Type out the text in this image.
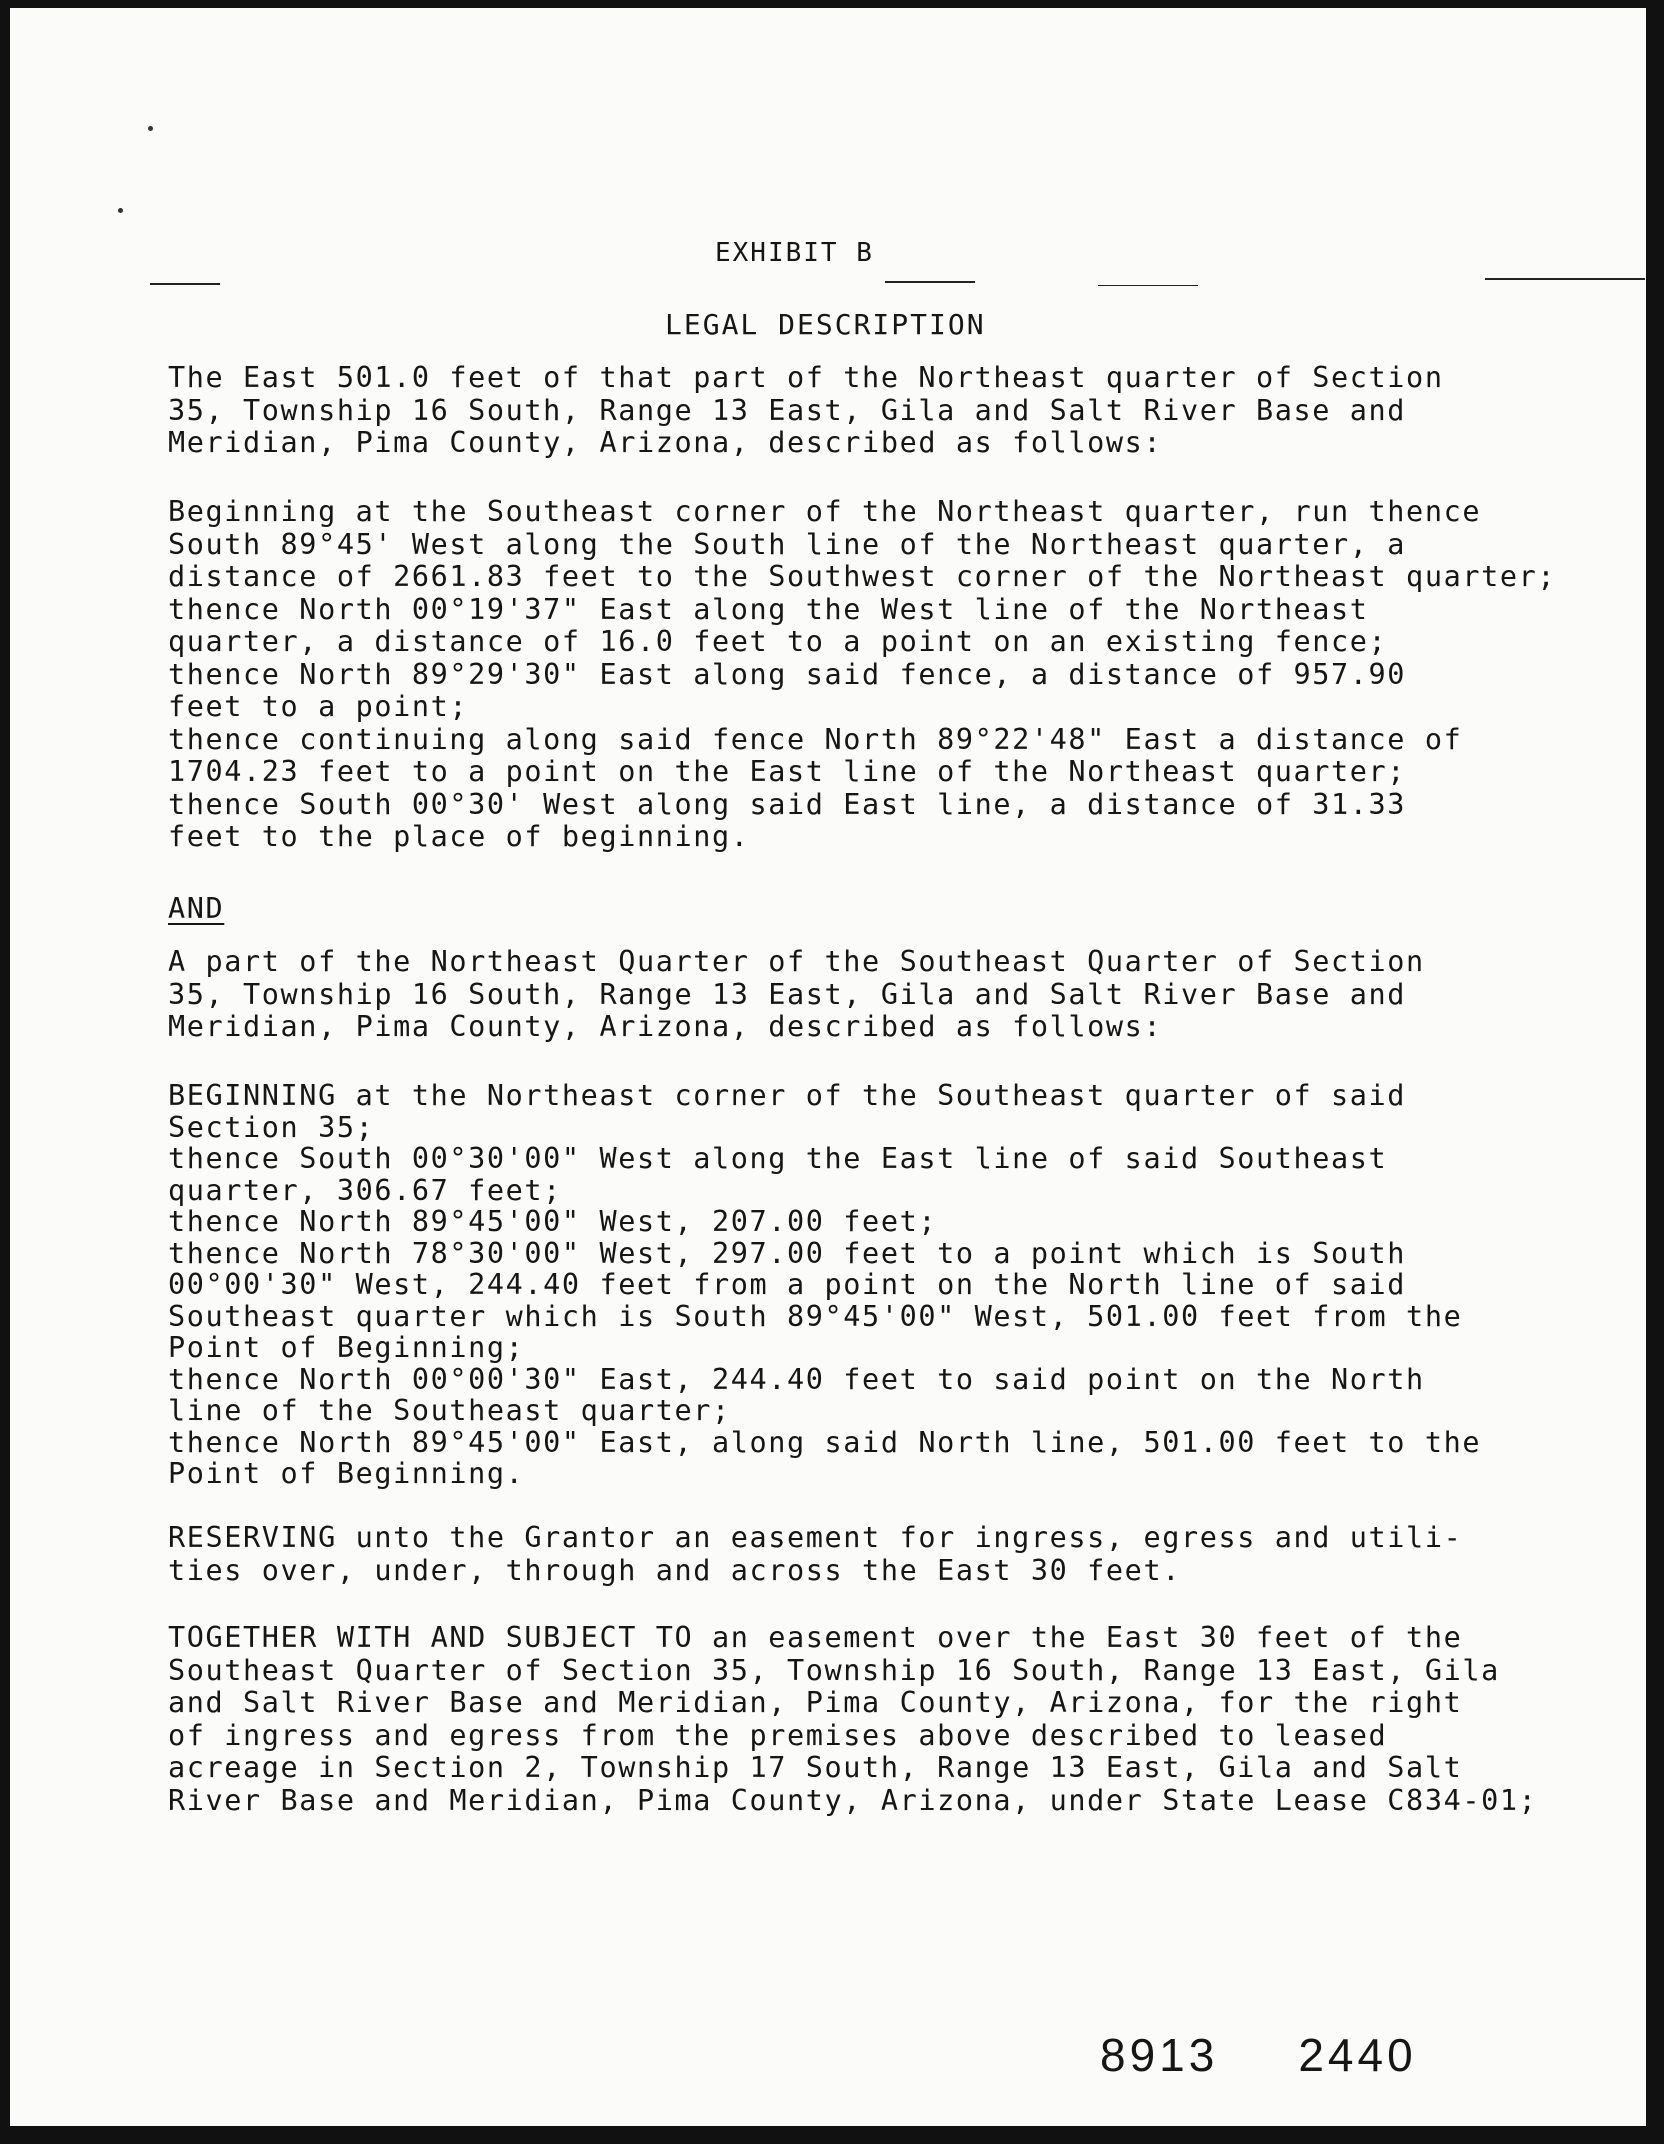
EXHIBIT B
LEGAL DESCRIPTION
The East 501.0 feet of that part of the Northeast quarter of Section
35, Township 16 South, Range 13 East, Gila and Salt River Base and
Meridian, Pima County, Arizona, described as follows:
Beginning at the Southeast corner of the Northeast quarter, run thence
South 89°45' West along the South line of the Northeast quarter, a
distance of 2661.83 feet to the Southwest corner of the Northeast quarter;
thence North 00°19'37" East along the West line of the Northeast
quarter, a distance of 16.0 feet to a point on an existing fence;
thence North 89°29'30" East along said fence, a distance of 957.90
feet to a point;
thence continuing along said fence North 89°22'48" East a distance of
1704.23 feet to a point on the East line of the Northeast quarter;
thence South 00°30' West along said East line, a distance of 31.33
feet to the place of beginning.
AND
A part of the Northeast Quarter of the Southeast Quarter of Section
35, Township 16 South, Range 13 East, Gila and Salt River Base and
Meridian, Pima County, Arizona, described as follows:
BEGINNING at the Northeast corner of the Southeast quarter of said
Section 35;
thence South 00°30'00" West along the East line of said Southeast
quarter, 306.67 feet;
thence North 89°45'00" West, 207.00 feet;
thence North 78°30'00" West, 297.00 feet to a point which is South
00°00'30" West, 244.40 feet from a point on the North line of said
Southeast quarter which is South 89°45'00" West, 501.00 feet from the
Point of Beginning;
thence North 00°00'30" East, 244.40 feet to said point on the North
line of the Southeast quarter;
thence North 89°45'00" East, along said North line, 501.00 feet to the
Point of Beginning.
RESERVING unto the Grantor an easement for ingress, egress and utili-
ties over, under, through and across the East 30 feet.
TOGETHER WITH AND SUBJECT TO an easement over the East 30 feet of the
Southeast Quarter of Section 35, Township 16 South, Range 13 East, Gila
and Salt River Base and Meridian, Pima County, Arizona, for the right
of ingress and egress from the premises above described to leased
acreage in Section 2, Township 17 South, Range 13 East, Gila and Salt
River Base and Meridian, Pima County, Arizona, under State Lease C834-01;
8913 2440
